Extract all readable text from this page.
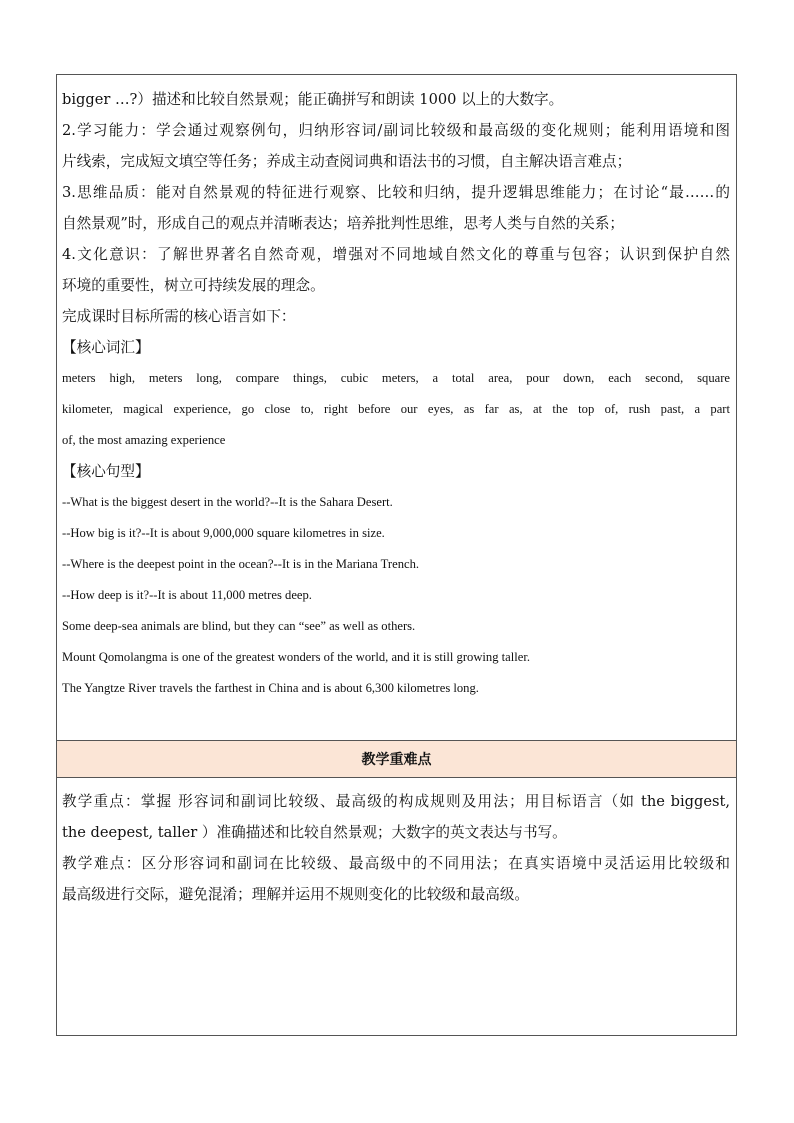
bigger …?）描述和比较自然景观；能正确拼写和朗读 1000 以上的大数字。
2.学习能力：学会通过观察例句，归纳形容词/副词比较级和最高级的变化规则；能利用语境和图
片线索，完成短文填空等任务；养成主动查阅词典和语法书的习惯，自主解决语言难点；
3.思维品质：能对自然景观的特征进行观察、比较和归纳，提升逻辑思维能力；在讨论“最……的
自然景观”时，形成自己的观点并清晰表达；培养批判性思维，思考人类与自然的关系；
4.文化意识：了解世界著名自然奇观，增强对不同地域自然文化的尊重与包容；认识到保护自然
环境的重要性，树立可持续发展的理念。
完成课时目标所需的核心语言如下：
【核心词汇】
meters high, meters long, compare things, cubic meters, a total area, pour down, each second, square
kilometer, magical experience, go close to, right before our eyes, as far as, at the top of, rush past, a part
of, the most amazing experience
【核心句型】
--What is the biggest desert in the world?--It is the Sahara Desert.
--How big is it?--It is about 9,000,000 square kilometres in size.
--Where is the deepest point in the ocean?--It is in the Mariana Trench.
--How deep is it?--It is about 11,000 metres deep.
Some deep-sea animals are blind, but they can “see” as well as others.
Mount Qomolangma is one of the greatest wonders of the world, and it is still growing taller.
The Yangtze River travels the farthest in China and is about 6,300 kilometres long.
教学重难点
教学重点：掌握 形容词和副词比较级、最高级的构成规则及用法；用目标语言（如 the biggest,
the deepest, taller ）准确描述和比较自然景观；大数字的英文表达与书写。
教学难点：区分形容词和副词在比较级、最高级中的不同用法；在真实语境中灵活运用比较级和
最高级进行交际，避免混淆；理解并运用不规则变化的比较级和最高级。
